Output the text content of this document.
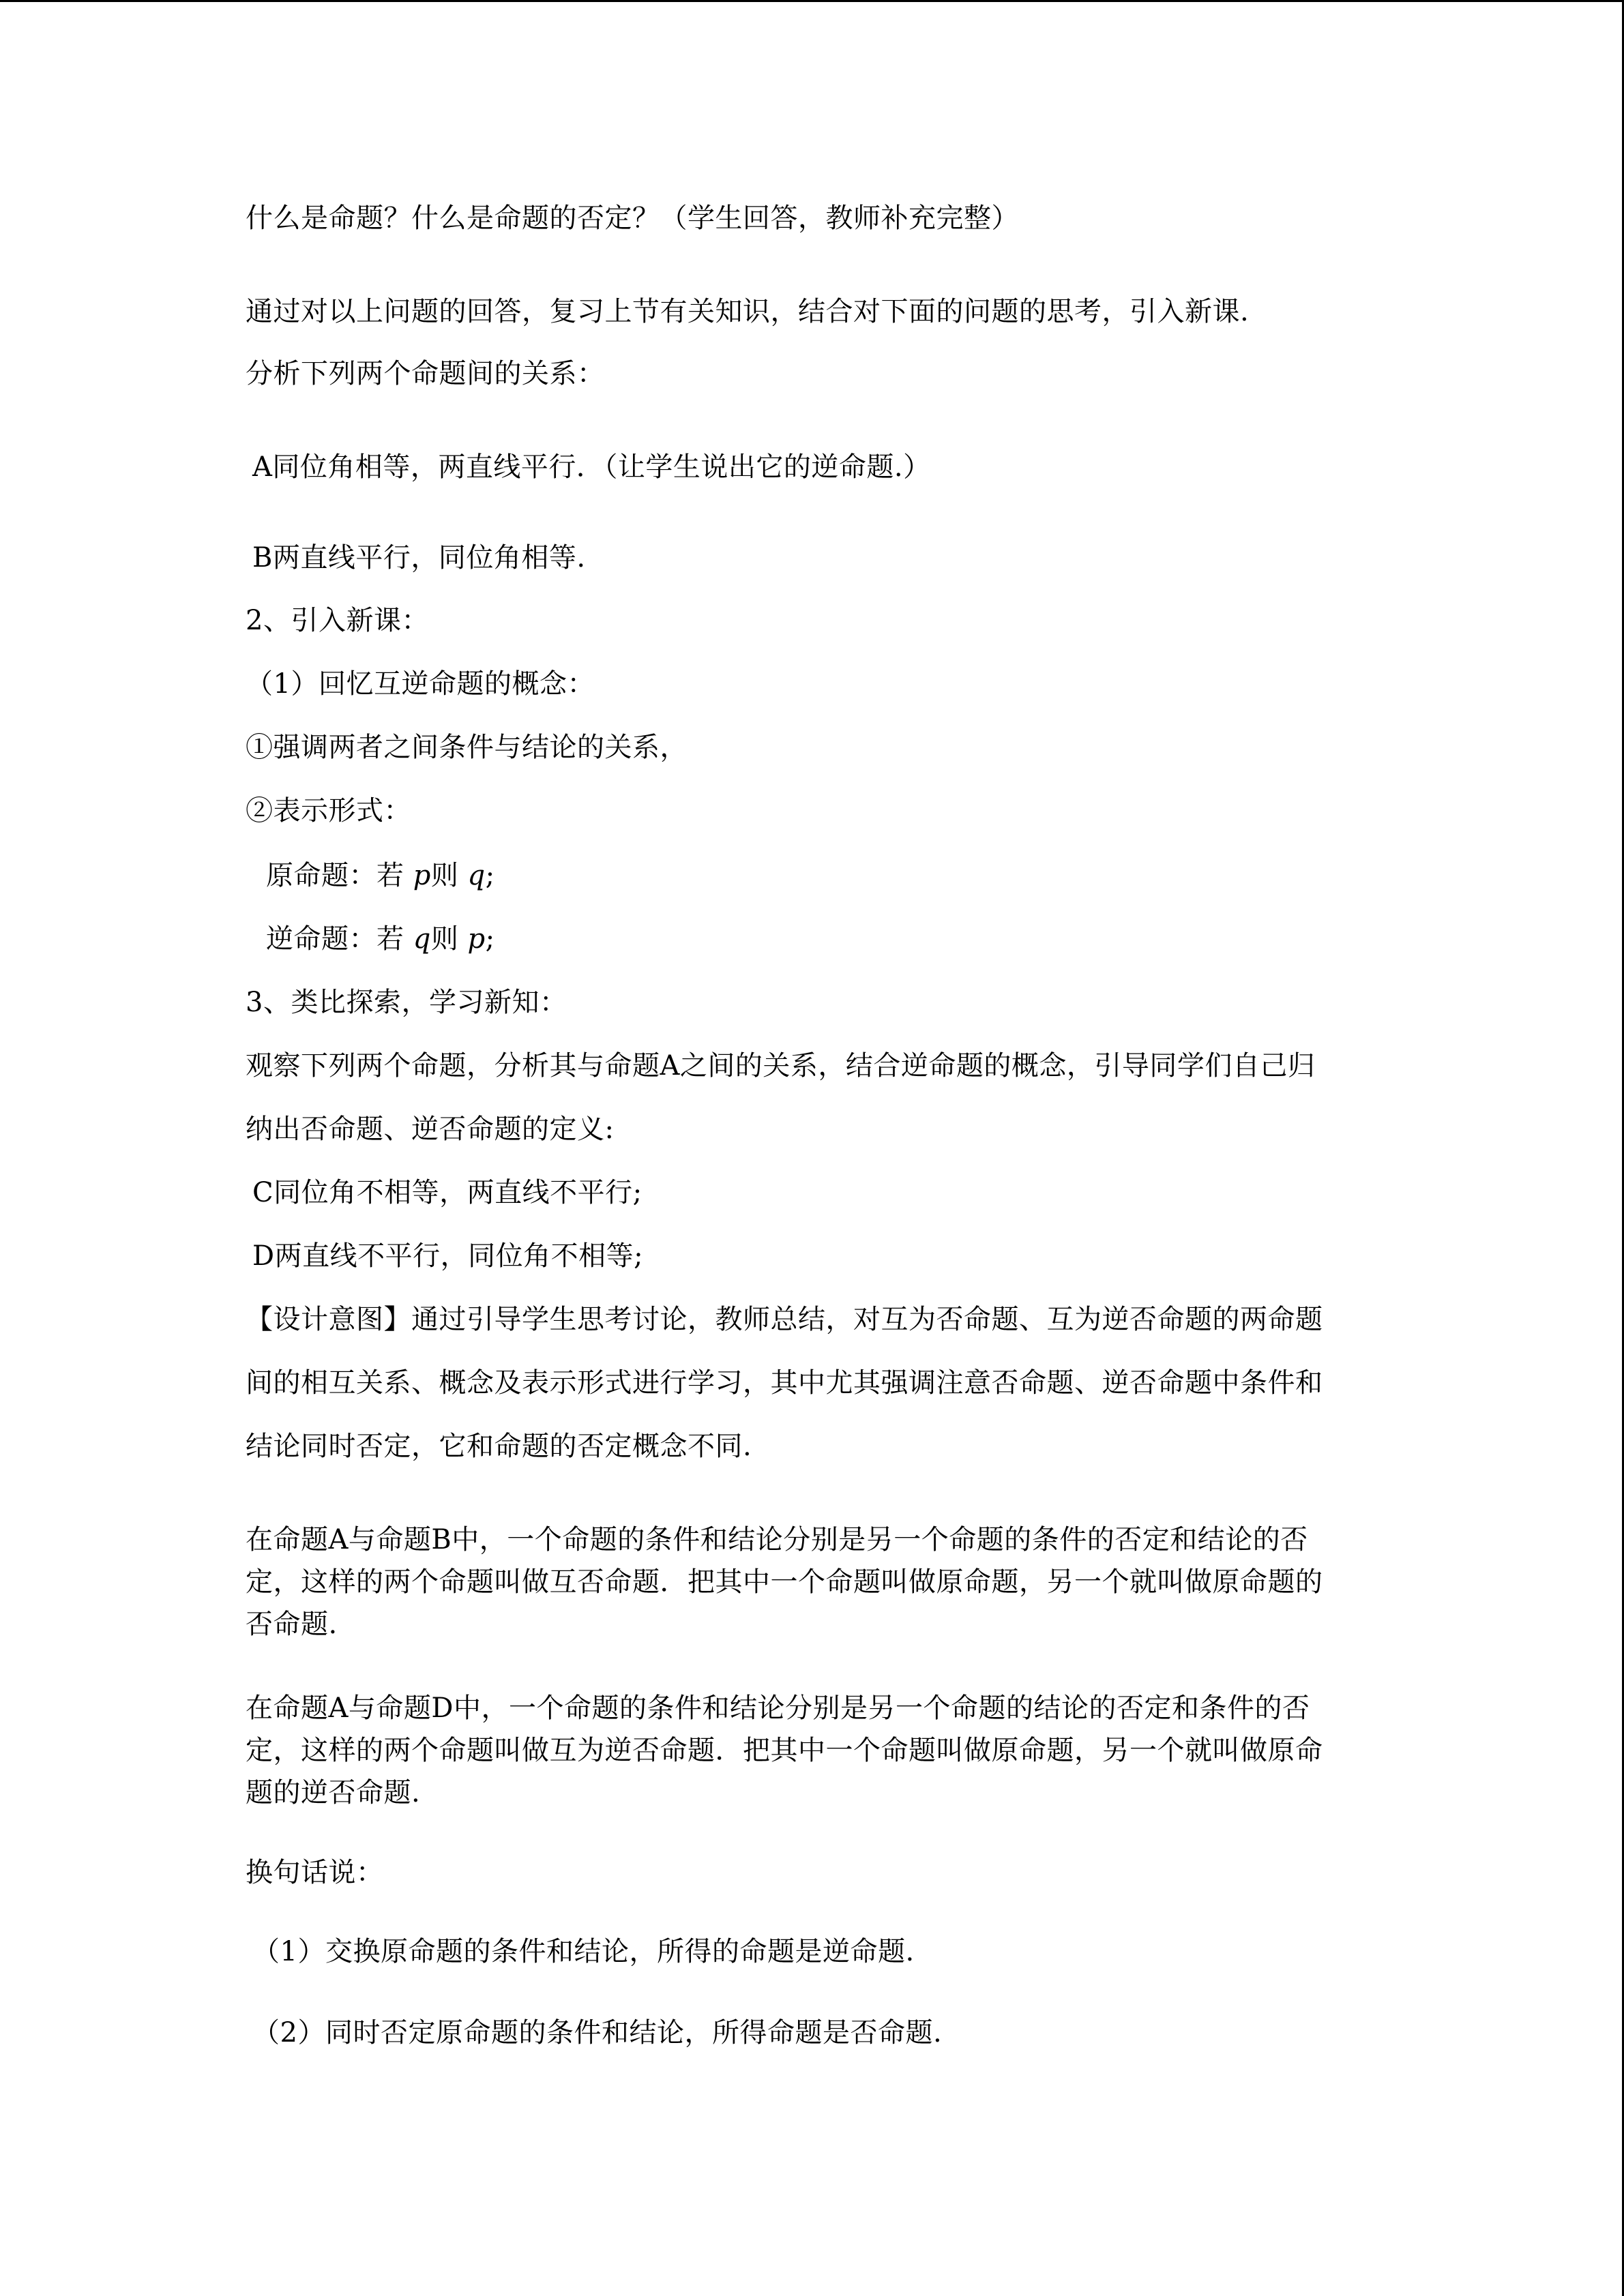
什么是命题？什么是命题的否定？（学生回答，教师补充完整）
通过对以上问题的回答，复习上节有关知识，结合对下面的问题的思考，引入新课.
分析下列两个命题间的关系：
A同位角相等，两直线平行．（让学生说出它的逆命题.）
B两直线平行，同位角相等.
2、引入新课：
（1）回忆互逆命题的概念：
①强调两者之间条件与结论的关系，
②表示形式：
原命题：若 p则 q;
逆命题：若 q则 p;
3、类比探索，学习新知：
观察下列两个命题，分析其与命题A之间的关系，结合逆命题的概念，引导同学们自己归
纳出否命题、逆否命题的定义:
C同位角不相等，两直线不平行;
D两直线不平行，同位角不相等;
【设计意图】通过引导学生思考讨论，教师总结，对互为否命题、互为逆否命题的两命题
间的相互关系、概念及表示形式进行学习，其中尤其强调注意否命题、逆否命题中条件和
结论同时否定，它和命题的否定概念不同.
在命题A与命题B中，一个命题的条件和结论分别是另一个命题的条件的否定和结论的否
定，这样的两个命题叫做互否命题．把其中一个命题叫做原命题，另一个就叫做原命题的
否命题.
在命题A与命题D中，一个命题的条件和结论分别是另一个命题的结论的否定和条件的否
定，这样的两个命题叫做互为逆否命题．把其中一个命题叫做原命题，另一个就叫做原命
题的逆否命题.
换句话说：
（1）交换原命题的条件和结论，所得的命题是逆命题.
（2）同时否定原命题的条件和结论，所得命题是否命题.
